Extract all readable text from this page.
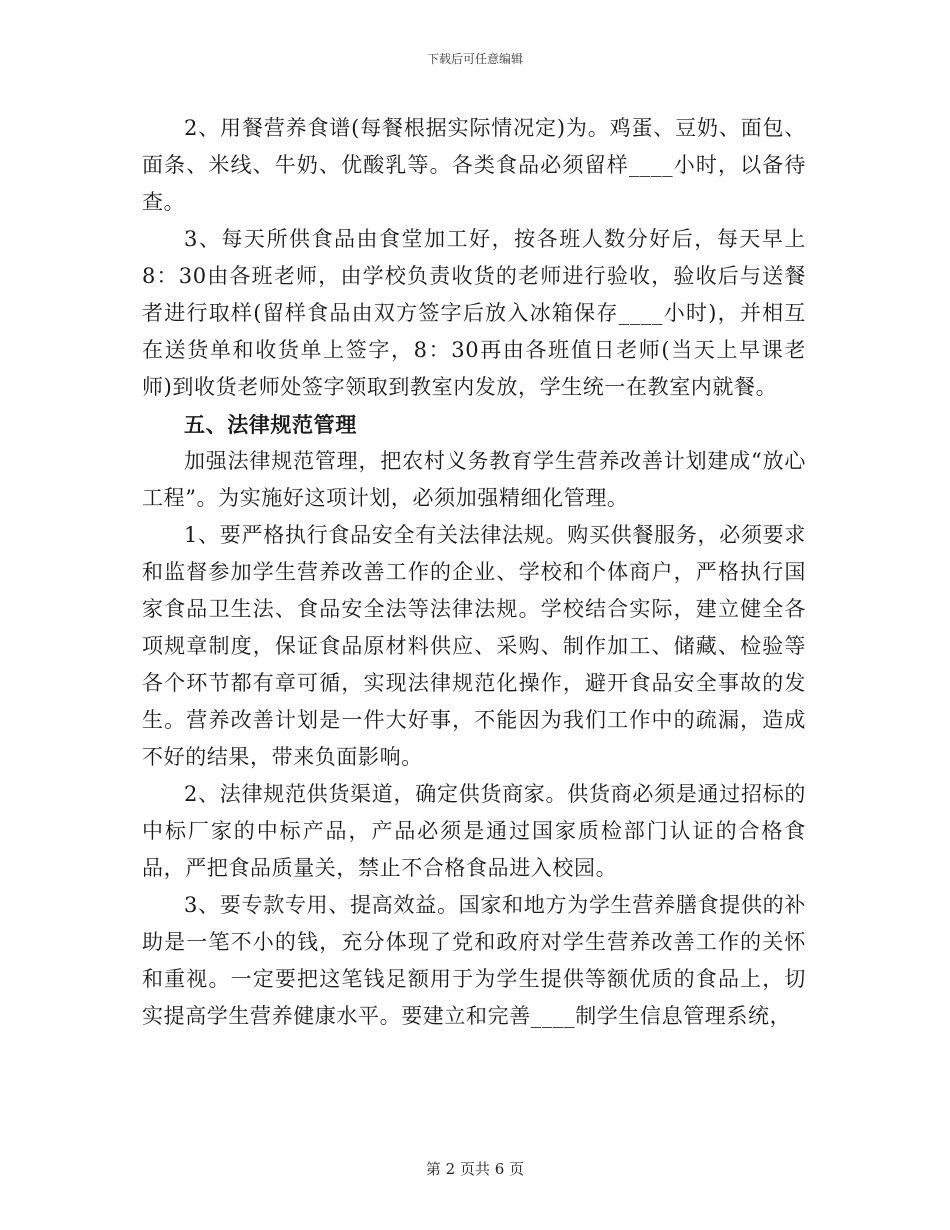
下载后可任意编辑

2、用餐营养食谱(每餐根据实际情况定)为。鸡蛋、豆奶、面包、面条、米线、牛奶、优酸乳等。各类食品必须留样____小时，以备待查。

3、每天所供食品由食堂加工好，按各班人数分好后，每天早上8：30由各班老师，由学校负责收货的老师进行验收，验收后与送餐者进行取样(留样食品由双方签字后放入冰箱保存____小时)，并相互在送货单和收货单上签字，8：30再由各班值日老师(当天上早课老师)到收货老师处签字领取到教室内发放，学生统一在教室内就餐。

五、法律规范管理

加强法律规范管理，把农村义务教育学生营养改善计划建成“放心工程”。为实施好这项计划，必须加强精细化管理。

1、要严格执行食品安全有关法律法规。购买供餐服务，必须要求和监督参加学生营养改善工作的企业、学校和个体商户，严格执行国家食品卫生法、食品安全法等法律法规。学校结合实际，建立健全各项规章制度，保证食品原材料供应、采购、制作加工、储藏、检验等各个环节都有章可循，实现法律规范化操作，避开食品安全事故的发生。营养改善计划是一件大好事，不能因为我们工作中的疏漏，造成不好的结果，带来负面影响。

2、法律规范供货渠道，确定供货商家。供货商必须是通过招标的中标厂家的中标产品，产品必须是通过国家质检部门认证的合格食品，严把食品质量关，禁止不合格食品进入校园。

3、要专款专用、提高效益。国家和地方为学生营养膳食提供的补助是一笔不小的钱，充分体现了党和政府对学生营养改善工作的关怀和重视。一定要把这笔钱足额用于为学生提供等额优质的食品上，切实提高学生营养健康水平。要建立和完善____制学生信息管理系统，

第 2 页共 6 页
